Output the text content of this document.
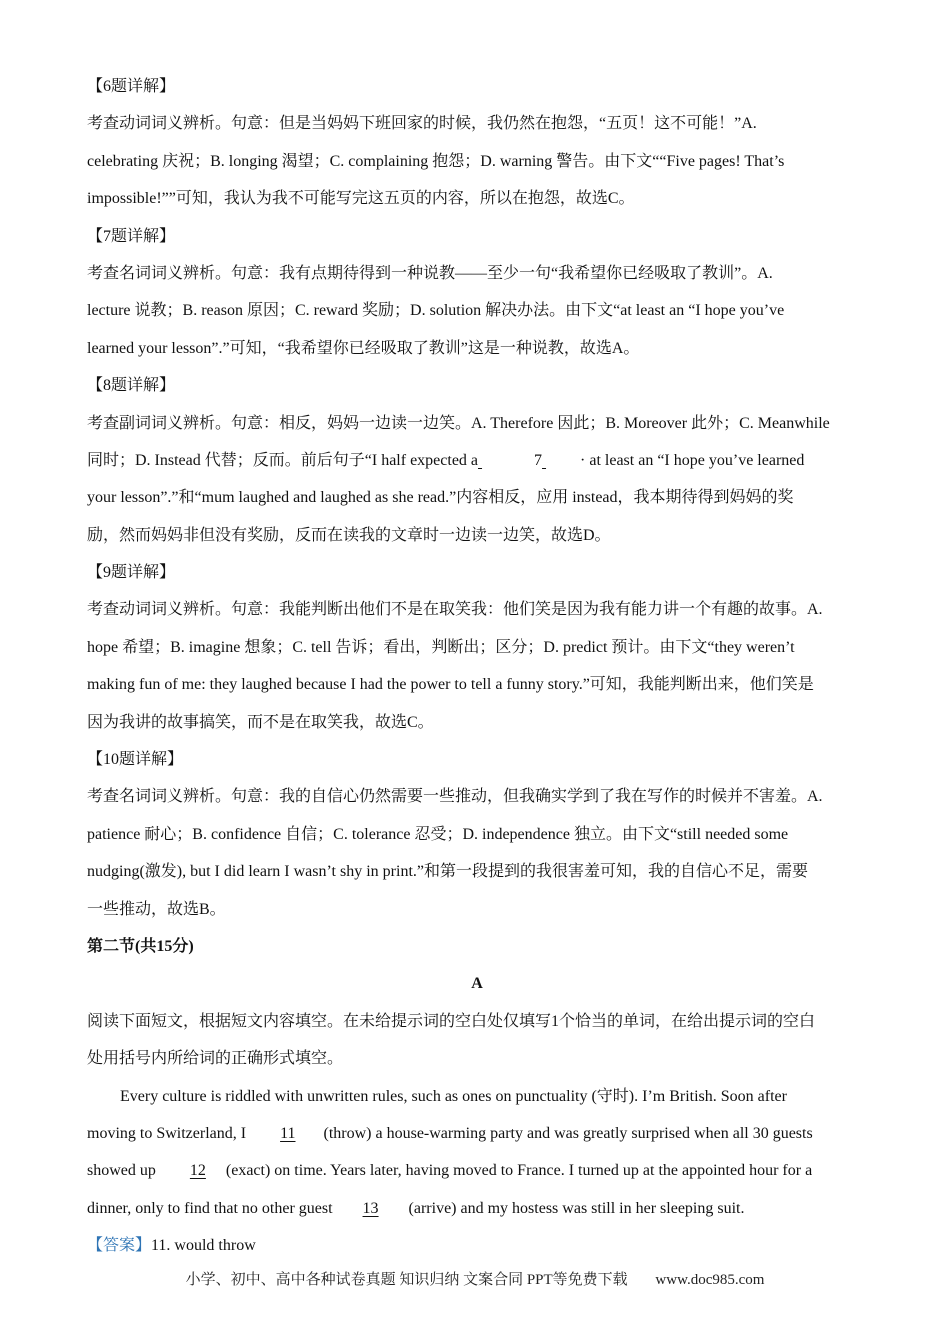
【6题详解】
考查动词词义辨析。句意：但是当妈妈下班回家的时候，我仍然在抱怨，“五页！这不可能！”A.
celebrating 庆祝；B. longing 渴望；C. complaining 抱怨；D. warning 警告。由下文““Five pages! That’s
impossible!””可知，我认为我不可能写完这五页的内容，所以在抱怨，故选C。
【7题详解】
考查名词词义辨析。句意：我有点期待得到一种说教——至少一句“我希望你已经吸取了教训”。A.
lecture 说教；B. reason 原因；C. reward 奖励；D. solution 解决办法。由下文“at least an “I hope you’ve
learned your lesson”.”可知，“我希望你已经吸取了教训”这是一种说教，故选A。
【8题详解】
考查副词词义辨析。句意：相反，妈妈一边读一边笑。A. Therefore 因此；B. Moreover 此外；C. Meanwhile
同时；D. Instead 代替；反而。前后句子“I half expected a	7 · at least an “I hope you’ve learned
your lesson”.”和“mum laughed and laughed as she read.”内容相反，应用 instead，我本期待得到妈妈的奖
励，然而妈妈非但没有奖励，反而在读我的文章时一边读一边笑，故选D。
【9题详解】
考查动词词义辨析。句意：我能判断出他们不是在取笑我：他们笑是因为我有能力讲一个有趣的故事。A.
hope 希望；B. imagine 想象；C. tell 告诉；看出，判断出；区分；D. predict 预计。由下文“they weren’t
making fun of me: they laughed because I had the power to tell a funny story.”可知，我能判断出来，他们笑是
因为我讲的故事搞笑，而不是在取笑我，故选C。
【10题详解】
考查名词词义辨析。句意：我的自信心仍然需要一些推动，但我确实学到了我在写作的时候并不害羞。A.
patience 耐心；B. confidence 自信；C. tolerance 忍受；D. independence 独立。由下文“still needed some
nudging(激发), but I did learn I wasn’t shy in print.”和第一段提到的我很害羞可知，我的自信心不足，需要
一些推动，故选B。
第二节(共15分)
A
阅读下面短文，根据短文内容填空。在未给提示词的空白处仅填写1个恰当的单词，在给出提示词的空白
处用括号内所给词的正确形式填空。
Every culture is riddled with unwritten rules, such as ones on punctuality (守时). I’m British. Soon after
moving to Switzerland, I 11 (throw) a house-warming party and was greatly surprised when all 30 guests
showed up 12 (exact) on time. Years later, having moved to France. I turned up at the appointed hour for a
dinner, only to find that no other guest 13 (arrive) and my hostess was still in her sleeping suit.
【答案】11. would throw
小学、初中、高中各种试卷真题 知识归纳 文案合同 PPT等免费下载 www.doc985.com
